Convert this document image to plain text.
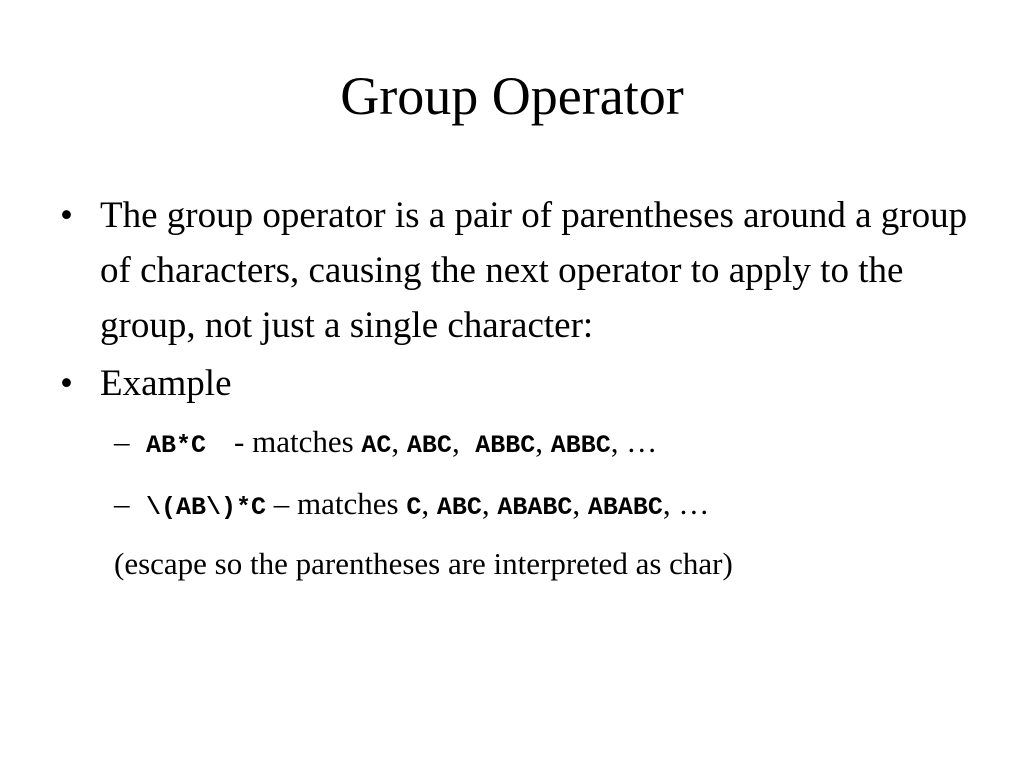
Group Operator
• The group operator is a pair of parentheses around a group of characters, causing the next operator to apply to the group, not just a single character:
• Example
– AB*C - matches AC, ABC, ABBC, ABBC, …
– \(AB\)*C – matches C, ABC, ABABC, ABABC, …
(escape so the parentheses are interpreted as char)
